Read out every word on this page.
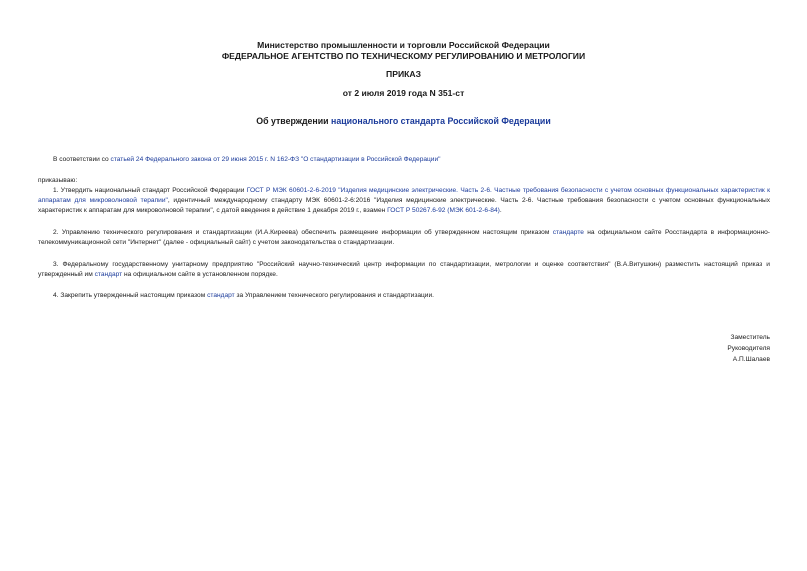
Министерство промышленности и торговли Российской Федерации
ФЕДЕРАЛЬНОЕ АГЕНТСТВО ПО ТЕХНИЧЕСКОМУ РЕГУЛИРОВАНИЮ И МЕТРОЛОГИИ
ПРИКАЗ
от 2 июля 2019 года N 351-ст
Об утверждении национального стандарта Российской Федерации
В соответствии со статьей 24 Федерального закона от 29 июня 2015 г. N 162-ФЗ "О стандартизации в Российской Федерации"
приказываю:
1. Утвердить национальный стандарт Российской Федерации ГОСТ Р МЭК 60601-2-6-2019 "Изделия медицинские электрические. Часть 2-6. Частные требования безопасности с учетом основных функциональных характеристик к аппаратам для микроволновой терапии", идентичный международному стандарту МЭК 60601-2-6:2016 "Изделия медицинские электрические. Часть 2-6. Частные требования безопасности с учетом основных функциональных характеристик к аппаратам для микроволновой терапии", с датой введения в действие 1 декабря 2019 г., взамен ГОСТ Р 50267.6-92 (МЭК 601-2-6-84).
2. Управлению технического регулирования и стандартизации (И.А.Киреева) обеспечить размещение информации об утвержденном настоящим приказом стандарте на официальном сайте Росстандарта в информационно-телекоммуникационной сети "Интернет" (далее - официальный сайт) с учетом законодательства о стандартизации.
3. Федеральному государственному унитарному предприятию "Российский научно-технический центр информации по стандартизации, метрологии и оценке соответствия" (В.А.Витушкин) разместить настоящий приказ и утвержденный им стандарт на официальном сайте в установленном порядке.
4. Закрепить утвержденный настоящим приказом стандарт за Управлением технического регулирования и стандартизации.
Заместитель
Руководителя
А.П.Шалаев
